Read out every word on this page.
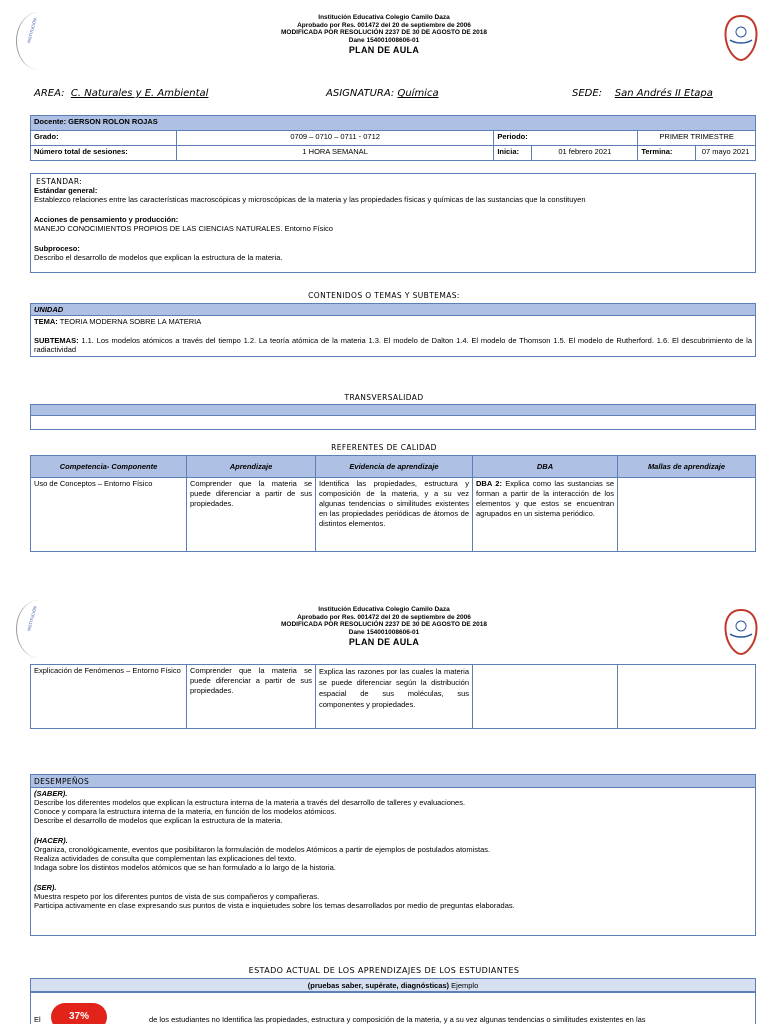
INSTITUCIÓN
Institución Educativa Colegio Camilo Daza
Aprobado por Res. 001472 del 20 de septiembre de 2006
MODIFICADA POR RESOLUCIÓN 2237 DE 30 DE AGOSTO DE 2018
Dane 154001008606-01
PLAN DE AULA
AREA: C. Naturales y E. Ambiental	ASIGNATURA: Química	SEDE: San Andrés II Etapa
Docente: GERSON ROLON ROJAS					
Grado:	0709 – 0710 – 0711 - 0712	Periodo:		PRIMER TRIMESTRE	
Número total de sesiones:	1 HORA SEMANAL	Inicia:	01 febrero 2021	Termina:	07 mayo 2021

ESTANDAR:

Estándar general:

Establezco relaciones entre las características macroscópicas y microscópicas de la materia y las propiedades físicas y químicas de las sustancias que la constituyen

Acciones de pensamiento y producción:

MANEJO CONOCIMIENTOS PROPIOS DE LAS CIENCIAS NATURALES. Entorno Físico

Subproceso:

Describo el desarrollo de modelos que explican la estructura de la materia.

CONTENIDOS O TEMAS Y SUBTEMAS:
UNIDAD
TEMA: TEORIA MODERNA SOBRE LA MATERIA
SUBTEMAS: 1.1. Los modelos atómicos a través del tiempo 1.2. La teoría atómica de la materia 1.3. El modelo de Dalton 1.4. El modelo de Thomson 1.5. El modelo de Rutherford. 1.6. El descubrimiento de la radiactividad
TRANSVERSALIDAD

REFERENTES DE CALIDAD
Competencia- Componente	Aprendizaje	Evidencia de aprendizaje	DBA	Mallas de aprendizaje
Uso de Conceptos – Entorno Físico	Comprender que la materia se puede diferenciar a partir de sus propiedades.	Identifica las propiedades, estructura y composición de la materia, y a su vez algunas tendencias o similitudes existentes en las propiedades periódicas de átomos de distintos elementos.	DBA 2: Explica como las sustancias se forman a partir de la interacción de los elementos y que estos se encuentran agrupados en un sistema periódico.	
INSTITUCIÓN	Institución Educativa Colegio Camilo Daza
Aprobado por Res. 001472 del 20 de septiembre de 2006
MODIFICADA POR RESOLUCIÓN 2237 DE 30 DE AGOSTO DE 2018
Dane 154001008606-01
PLAN DE AULA
Explicación de Fenómenos – Entorno Físico	Comprender que la materia se puede diferenciar a partir de sus propiedades.	Explica las razones por las cuales la materia se puede diferenciar según la distribución espacial de sus moléculas, sus componentes y propiedades.		

DESEMPEÑOS

(SABER).

Describe los diferentes modelos que explican la estructura interna de la materia a través del desarrollo de talleres y evaluaciones.

Conoce y compara la estructura interna de la materia, en función de los modelos atómicos.

Describe el desarrollo de modelos que explican la estructura de la materia.

(HACER).

Organiza, cronológicamente, eventos que posibilitaron la formulación de modelos Atómicos a partir de ejemplos de postulados atomistas.

Realiza actividades de consulta que complementan las explicaciones del texto.

Indaga sobre los distintos modelos atómicos que se han formulado a lo largo de la historia.

(SER).

Muestra respeto por los diferentes puntos de vista de sus compañeros y compañeras.

Participa activamente en clase expresando sus puntos de vista e inquietudes sobre los temas desarrollados por medio de preguntas elaboradas.

ESTADO ACTUAL DE LOS APRENDIZAJES DE LOS ESTUDIANTES
(pruebas saber, supérate, diagnósticas) Ejemplo
El	37%	de los estudiantes no Identifica las propiedades, estructura y composición de la materia, y a su vez algunas tendencias o similitudes existentes en las
